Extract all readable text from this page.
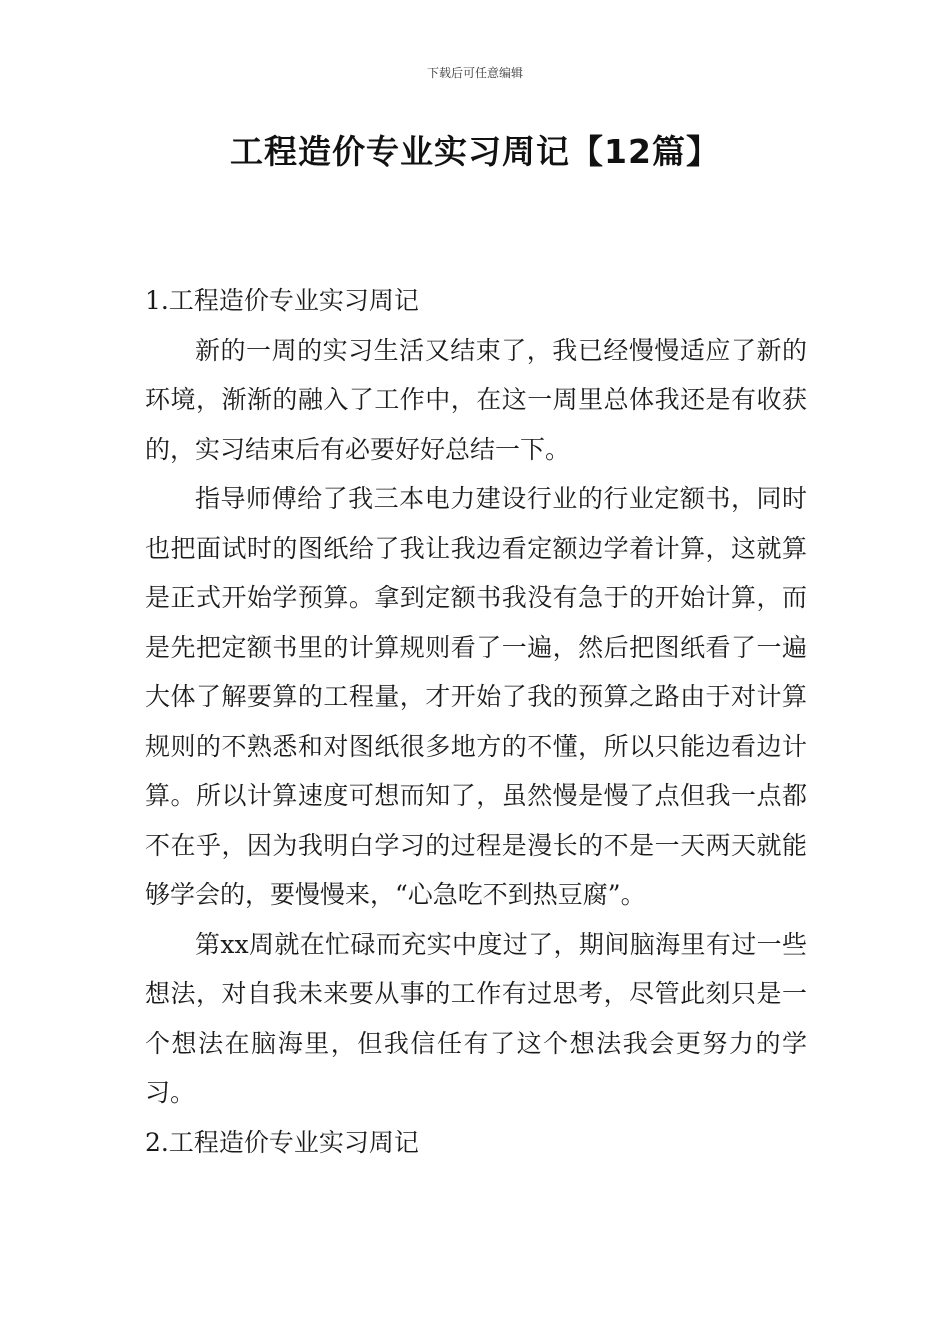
下载后可任意编辑
工程造价专业实习周记【12篇】

1.工程造价专业实习周记

新的一周的实习生活又结束了，我已经慢慢适应了新的环境，渐渐的融入了工作中，在这一周里总体我还是有收获的，实习结束后有必要好好总结一下。

指导师傅给了我三本电力建设行业的行业定额书，同时也把面试时的图纸给了我让我边看定额边学着计算，这就算是正式开始学预算。拿到定额书我没有急于的开始计算，而是先把定额书里的计算规则看了一遍，然后把图纸看了一遍大体了解要算的工程量，才开始了我的预算之路由于对计算规则的不熟悉和对图纸很多地方的不懂，所以只能边看边计算。所以计算速度可想而知了，虽然慢是慢了点但我一点都不在乎，因为我明白学习的过程是漫长的不是一天两天就能够学会的，要慢慢来，“心急吃不到热豆腐”。

第xx周就在忙碌而充实中度过了，期间脑海里有过一些想法，对自我未来要从事的工作有过思考，尽管此刻只是一个想法在脑海里，但我信任有了这个想法我会更努力的学习。

2.工程造价专业实习周记
